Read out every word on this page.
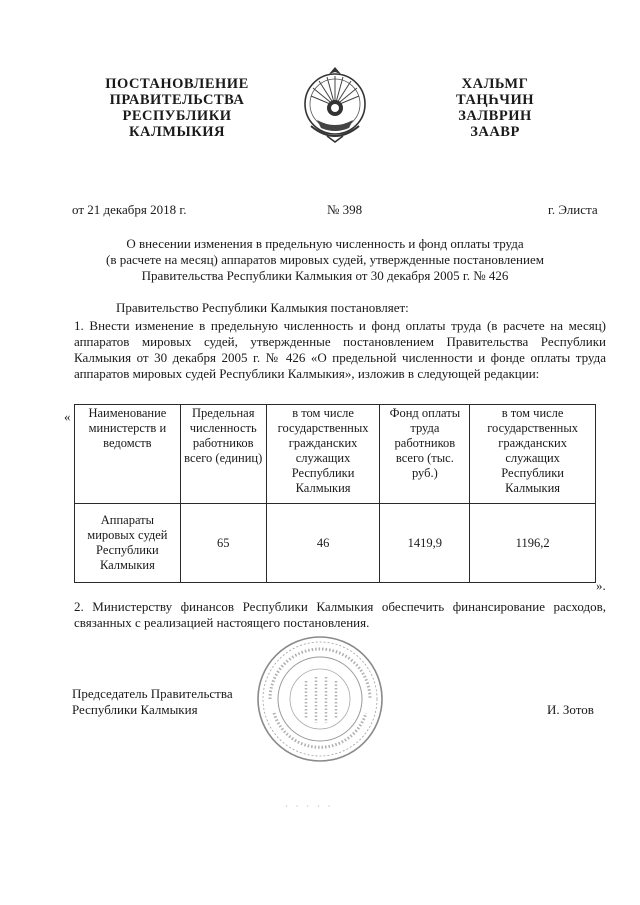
ПОСТАНОВЛЕНИЕ
ПРАВИТЕЛЬСТВА
РЕСПУБЛИКИ
КАЛМЫКИЯ
ХАЛЬМГ
ТАҢҺЧИН
ЗАЛВРИН
ЗААВР
от 21 декабря 2018 г.	№ 398	г. Элиста
О внесении изменения в предельную численность и фонд оплаты труда
(в расчете на месяц) аппаратов мировых судей, утвержденные постановлением
Правительства Республики Калмыкия от 30 декабря 2005 г. № 426
Правительство Республики Калмыкия постановляет:
1. Внести изменение в предельную численность и фонд оплаты труда (в расчете на месяц) аппаратов мировых судей, утвержденные постановлением Правительства Республики Калмыкия от 30 декабря 2005 г. № 426 «О предельной численности и фонде оплаты труда аппаратов мировых судей Республики Калмыкия», изложив в следующей редакции:
« Наименование министерств и ведомств	Предельная численность работников всего (единиц)	в том числе государственных гражданских служащих Республики Калмыкия	Фонд оплаты труда работников всего (тыс. руб.)	в том числе государственных гражданских служащих Республики Калмыкия
Аппараты мировых судей Республики Калмыкия	65	46	1419,9	1196,2
».
2. Министерству финансов Республики Калмыкия обеспечить финансирование расходов, связанных с реализацией настоящего постановления.
Председатель Правительства
Республики Калмыкия	И. Зотов
· · · · ·
